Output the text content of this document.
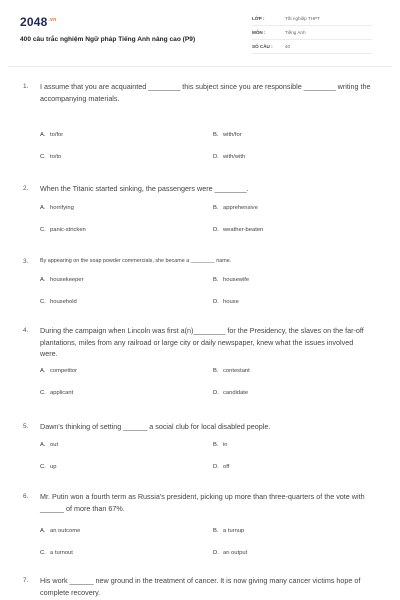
$2048^{.vn}$
400 câu trắc nghiệm Ngữ pháp Tiếng Anh nâng cao (P9)
LỚP :	Tốt nghiệp THPT
MÔN :	Tiếng Anh
SỐ CÂU :	40
1. I assume that you are acquainted ________ this subject since you are responsible ________ writing the accompanying materials.
A. to/for	B. with/for
C. to/to	D. with/with
2. When the Titanic started sinking, the passengers were ________.
A. horrifying	B. apprehensive
C. panic-stricken	D. weather-beaten
3. By appearing on the soap powder commercials, she became a ________ name.
A. housekeeper	B. housewife
C. household	D. house
4. During the campaign when Lincoln was first a(n)________ for the Presidency, the slaves on the far-off plantations, miles from any railroad or large city or daily newspaper, knew what the issues involved were.
A. competitor	B. contestant
C. applicant	D. candidate
5. Dawn's thinking of setting ______ a social club for local disabled people.
A. out	B. in
C. up	D. off
6. Mr. Putin won a fourth term as Russia's president, picking up more than three-quarters of the vote with ______ of more than 67%.
A. an outcome	B. a turnup
C. a turnout	D. an output
7. His work ______ new ground in the treatment of cancer. It is now giving many cancer victims hope of complete recovery.
